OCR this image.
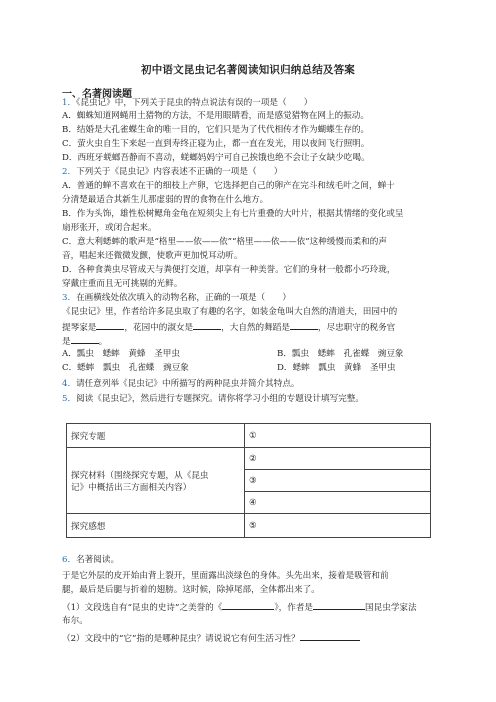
初中语文昆虫记名著阅读知识归纳总结及答案
一、名著阅读题
1．《昆虫记》中，下列关于昆虫的特点说法有误的一项是（　　）
A．蜘蛛知道网蝇用土猎物的方法，不是用眼睛看，而是感觉猎物在网上的振动。
B．结婚是大孔雀蝶生命的唯一目的，它们只是为了代代相传才作为蝴蝶生存的。
C．萤火虫自生下来起一直到寿终正寝为止，都一直在发光，用以夜间飞行照明。
D．西班牙蜣螂吾静而不喜动，蜣螂妈妈宁可自己挨饿也绝不会让子女缺少吃喝。
2．下列关于《昆虫记》内容表述不正确的一项是（　　）
A．普通的蝉不喜欢在干的细枝上产卵，它选择把自己的卵产在完斗和绒毛叶之间，蝉十
分清楚最适合其新生儿那虚弱的胃的食物在什么地方。
B．作为头饰，雄性松树鳃角金龟在短须尖上有七片重叠的大叶片，根据其情绪的变化或呈
扇形张开，或闭合起来。
C．意大利蟋蟀的歌声是“格里——依——依”“格里——依——依”这种缓慢而柔和的声
音，唱起来还微微发颤，使歌声更加悦耳动听。
D．各种食粪虫尽管成天与粪便打交道，却享有一种美誉。它们的身材一般都小巧玲珑，
穿戴庄重而且无可挑剔的光鲜。
3．在画横线处依次填入的动物名称，正确的一项是（　　）
《昆虫记》里，作者给许多昆虫取了有趣的名字，如装金龟叫大自然的清道夫，田园中的
提琴家是	，花园中的淑女是	，大自然的舞蹈是	，尽忠职守的税务官
是	。
A．瓢虫　蟋蟀　黄蜂　圣甲虫	B．瓢虫　蟋蟀　孔雀蝶　豌豆象
C．蟋蟀　瓢虫　孔雀蝶　豌豆象	D．蟋蟀　瓢虫　黄蜂　圣甲虫
4．请任意列举《昆虫记》中所描写的两种昆虫并简介其特点。
5．阅读《昆虫记》，然后进行专题探究。请你将学习小组的专题设计填写完整。
探究专题	①

探究材料（围绕探究专题，从《昆虫
记》中概括出三方面相关内容）	②
	③
	④
探究感想	⑤
6．名著阅读。
于是它外层的皮开始由背上裂开，里面露出淡绿色的身体。头先出来，接着是吸管和前
腿，最后是后腿与折着的翅膀。这时候，除掉尾部，全体都出来了。
（1）文段选自有“昆虫的史诗”之美誉的《	》，作者是	国昆虫学家法
布尔。
（2）文段中的“它”指的是哪种昆虫？请说说它有何生活习性？
